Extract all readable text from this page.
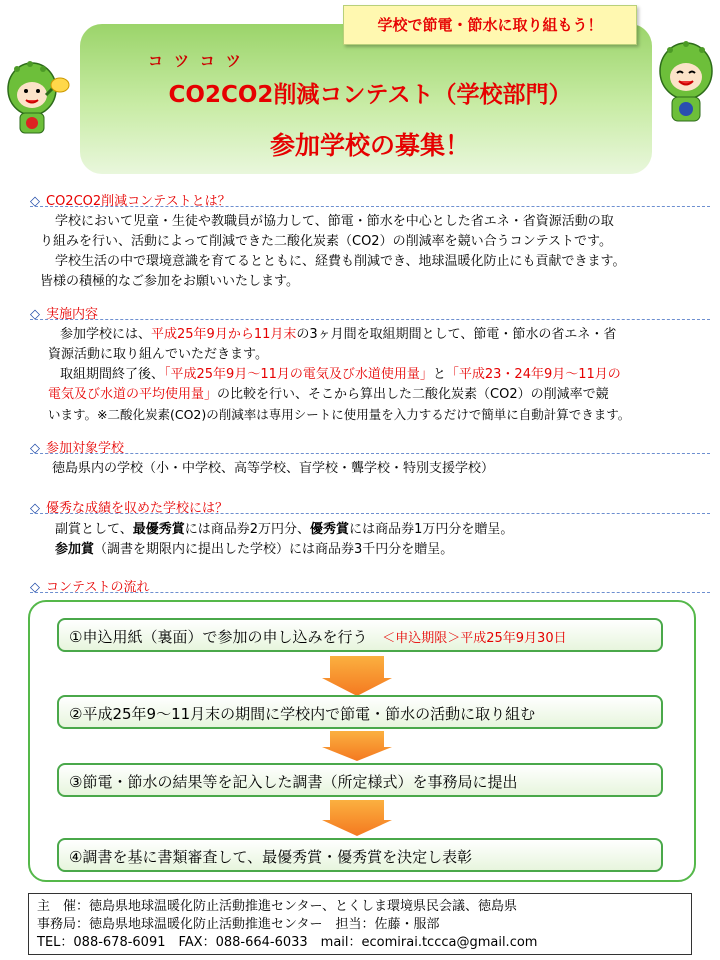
学校で節電・節水に取り組もう！
コツコツ
CO2CO2削減コンテスト（学校部門）
参加学校の募集！
◇ CO2CO2削減コンテストとは？
学校において児童・生徒や教職員が協力して、節電・節水を中心とした省エネ・省資源活動の取
り組みを行い、活動によって削減できた二酸化炭素（CO2）の削減率を競い合うコンテストです。
学校生活の中で環境意識を育てるとともに、経費も削減でき、地球温暖化防止にも貢献できます。
皆様の積極的なご参加をお願いいたします。
◇ 実施内容
参加学校には、平成25年9月から11月末の3ヶ月間を取組期間として、節電・節水の省エネ・省
資源活動に取り組んでいただきます。
取組期間終了後、「平成25年9月～11月の電気及び水道使用量」と「平成23・24年9月～11月の
電気及び水道の平均使用量」の比較を行い、そこから算出した二酸化炭素（CO2）の削減率で競
います。※二酸化炭素(CO2)の削減率は専用シートに使用量を入力するだけで簡単に自動計算できます。
◇ 参加対象学校
徳島県内の学校（小・中学校、高等学校、盲学校・聾学校・特別支援学校）
◇ 優秀な成績を収めた学校には？
副賞として、最優秀賞には商品券2万円分、優秀賞には商品券1万円分を贈呈。
参加賞（調書を期限内に提出した学校）には商品券3千円分を贈呈。
◇ コンテストの流れ
①申込用紙（裏面）で参加の申し込みを行う ＜申込期限＞平成25年9月30日
②平成25年9～11月末の期間に学校内で節電・節水の活動に取り組む
③節電・節水の結果等を記入した調書（所定様式）を事務局に提出
④調書を基に書類審査して、最優秀賞・優秀賞を決定し表彰
主　催：徳島県地球温暖化防止活動推進センター、とくしま環境県民会議、徳島県
事務局：徳島県地球温暖化防止活動推進センター　担当：佐藤・服部
TEL：088-678-6091　FAX：088-664-6033　mail：ecomirai.tccca@gmail.com
